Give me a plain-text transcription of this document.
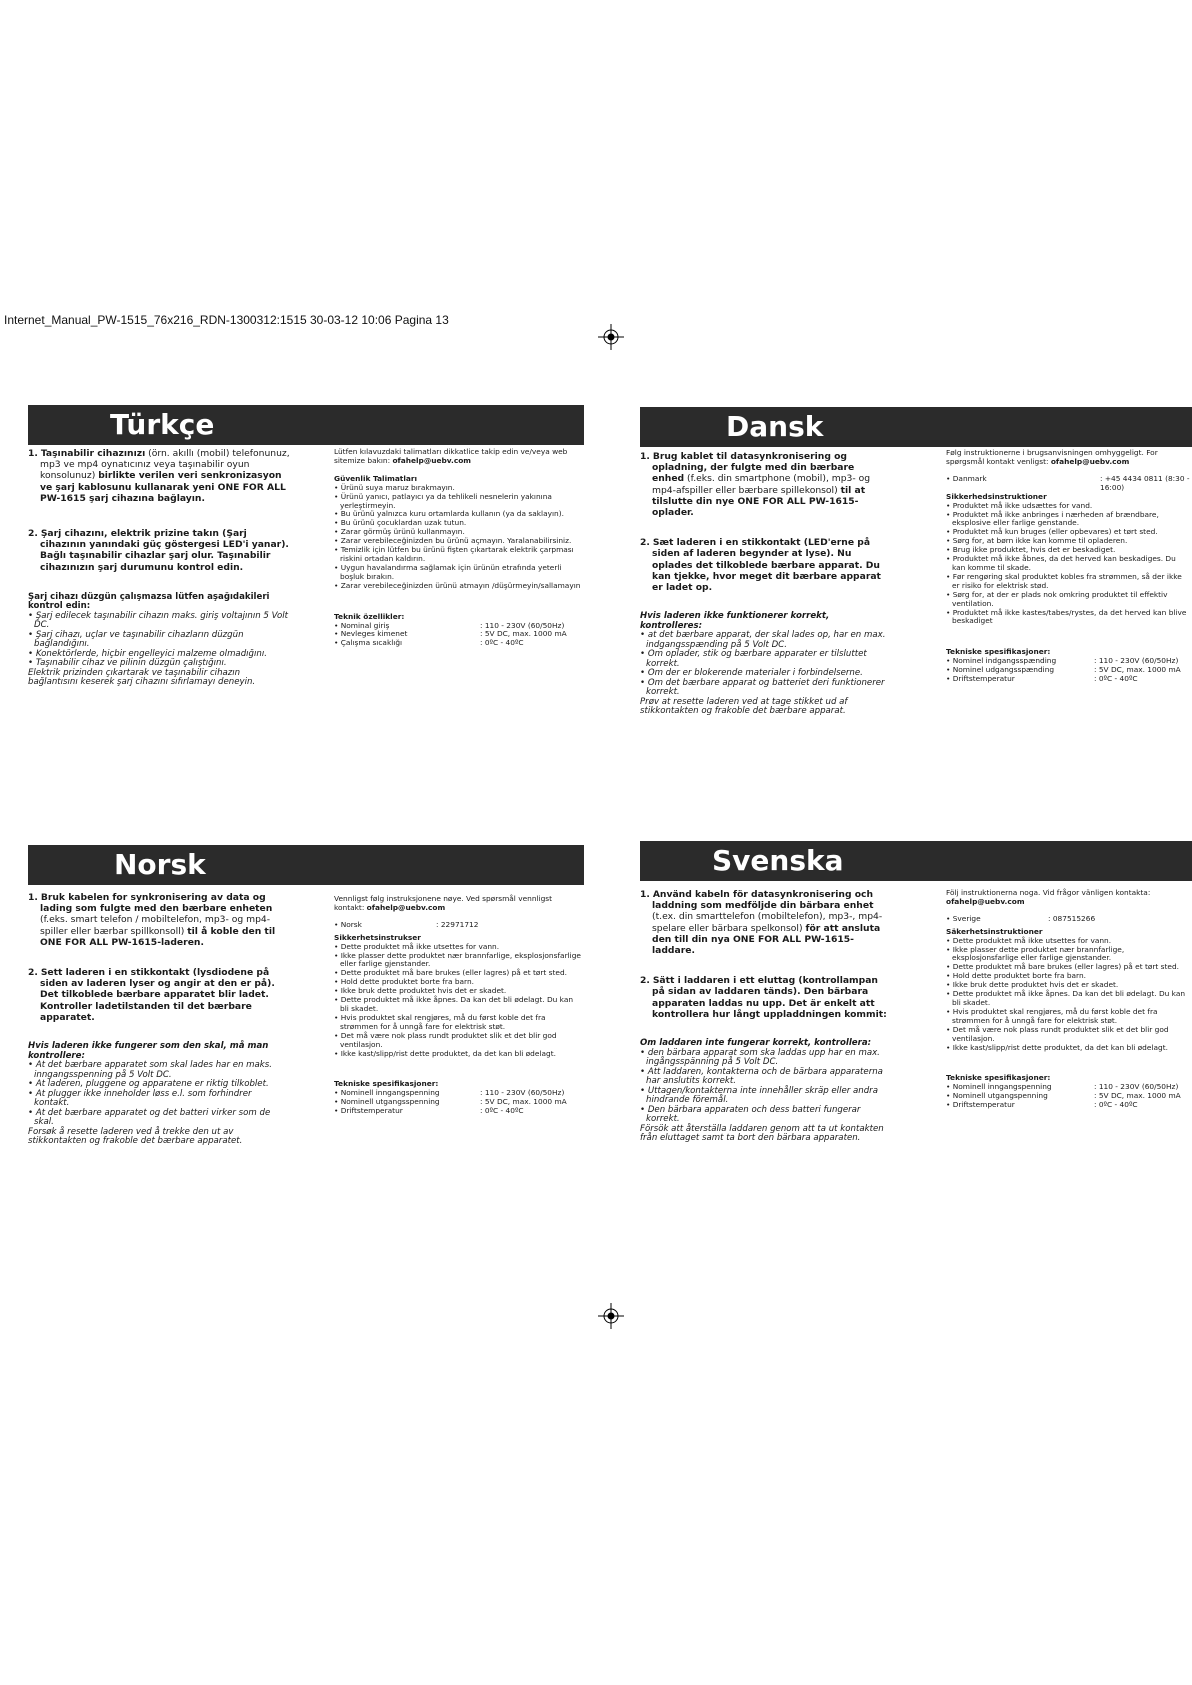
Internet_Manual_PW-1515_76x216_RDN-1300312:1515 30-03-12 10:06 Pagina 13
Türkçe

1. Taşınabilir cihazınızı (örn. akıllı (mobil) telefonunuz, mp3 ve mp4 oynatıcınız veya taşınabilir oyun konsolunuz) birlikte verilen veri senkronizasyon ve şarj kablosunu kullanarak yeni ONE FOR ALL PW-1615 şarj cihazına bağlayın.

2. Şarj cihazını, elektrik prizine takın (Şarj cihazının yanındaki güç göstergesi LED'i yanar). Bağlı taşınabilir cihazlar şarj olur. Taşınabilir cihazınızın şarj durumunu kontrol edin.

Şarj cihazı düzgün çalışmazsa lütfen aşağıdakileri kontrol edin:
• Şarj edilecek taşınabilir cihazın maks. giriş voltajının 5 Volt DC.
• Şarj cihazı, uçlar ve taşınabilir cihazların düzgün bağlandığını.
• Konektörlerde, hiçbir engelleyici malzeme olmadığını.
• Taşınabilir cihaz ve pilinin düzgün çalıştığını.
Elektrik prizinden çıkartarak ve taşınabilir cihazın bağlantısını keserek şarj cihazını sıfırlamayı deneyin.

Lütfen kılavuzdaki talimatları dikkatlice takip edin ve/veya web sitemize bakın: ofahelp@uebv.com

Güvenlik Talimatları

• Ürünü suya maruz bırakmayın.
• Ürünü yanıcı, patlayıcı ya da tehlikeli nesnelerin yakınına yerleştirmeyin.
• Bu ürünü yalnızca kuru ortamlarda kullanın (ya da saklayın).
• Bu ürünü çocuklardan uzak tutun.
• Zarar görmüş ürünü kullanmayın.
• Zarar verebileceğinizden bu ürünü açmayın. Yaralanabilirsiniz.
• Temizlik için lütfen bu ürünü fişten çıkartarak elektrik çarpması riskini ortadan kaldırın.
• Uygun havalandırma sağlamak için ürünün etrafında yeterli boşluk bırakın.
• Zarar verebileceğinizden ürünü atmayın /düşürmeyin/sallamayın

Teknik özellikler:

• Nominal giriş	: 110 - 230V (60/50Hz)
• Nevleges kimenet	: 5V DC, max. 1000 mA
• Çalışma sıcaklığı	: 0ºC - 40ºC
Dansk

1. Brug kablet til datasynkronisering og opladning, der fulgte med din bærbare enhed (f.eks. din smartphone (mobil), mp3- og mp4-afspiller eller bærbare spillekonsol) til at tilslutte din nye ONE FOR ALL PW-1615-oplader.

2. Sæt laderen i en stikkontakt (LED'erne på siden af laderen begynder at lyse). Nu oplades det tilkoblede bærbare apparat. Du kan tjekke, hvor meget dit bærbare apparat er ladet op.

Hvis laderen ikke funktionerer korrekt, kontrolleres:
• at det bærbare apparat, der skal lades op, har en max. indgangsspænding på 5 Volt DC.
• Om oplader, stik og bærbare apparater er tilsluttet korrekt.
• Om der er blokerende materialer i forbindelserne.
• Om det bærbare apparat og batteriet deri funktionerer korrekt.
Prøv at resette laderen ved at tage stikket ud af stikkontakten og frakoble det bærbare apparat.

Følg instruktionerne i brugsanvisningen omhyggeligt. For spørgsmål kontakt venligst: ofahelp@uebv.com

• Danmark	: +45 4434 0811 (8:30 - 16:00)

Sikkerhedsinstruktioner

• Produktet må ikke udsættes for vand.
• Produktet må ikke anbringes i nærheden af brændbare, eksplosive eller farlige genstande.
• Produktet må kun bruges (eller opbevares) et tørt sted.
• Sørg for, at børn ikke kan komme til opladeren.
• Brug ikke produktet, hvis det er beskadiget.
• Produktet må ikke åbnes, da det herved kan beskadiges. Du kan komme til skade.
• Før rengøring skal produktet kobles fra strømmen, så der ikke er risiko for elektrisk stød.
• Sørg for, at der er plads nok omkring produktet til effektiv ventilation.
• Produktet må ikke kastes/tabes/rystes, da det herved kan blive beskadiget

Tekniske spesifikasjoner:

• Nominel indgangsspænding	: 110 - 230V (60/50Hz)
• Nominel udgangsspænding	: 5V DC, max. 1000 mA
• Driftstemperatur	: 0ºC - 40ºC
Norsk

1. Bruk kabelen for synkronisering av data og lading som fulgte med den bærbare enheten (f.eks. smart telefon / mobiltelefon, mp3- og mp4-spiller eller bærbar spillkonsoll) til å koble den til ONE FOR ALL PW-1615-laderen.

2. Sett laderen i en stikkontakt (lysdiodene på siden av laderen lyser og angir at den er på). Det tilkoblede bærbare apparatet blir ladet. Kontroller ladetilstanden til det bærbare apparatet.

Hvis laderen ikke fungerer som den skal, må man kontrollere:
• At det bærbare apparatet som skal lades har en maks. inngangsspenning på 5 Volt DC.
• At laderen, pluggene og apparatene er riktig tilkoblet.
• At plugger ikke inneholder løss e.l. som forhindrer kontakt.
• At det bærbare apparatet og det batteri virker som de skal.
Forsøk å resette laderen ved å trekke den ut av stikkontakten og frakoble det bærbare apparatet.

Vennligst følg instruksjonene nøye. Ved spørsmål vennligst kontakt: ofahelp@uebv.com

• Norsk	: 22971712

Sikkerhetsinstrukser

• Dette produktet må ikke utsettes for vann.
• Ikke plasser dette produktet nær brannfarlige, eksplosjonsfarlige eller farlige gjenstander.
• Dette produktet må bare brukes (eller lagres) på et tørt sted.
• Hold dette produktet borte fra barn.
• Ikke bruk dette produktet hvis det er skadet.
• Dette produktet må ikke åpnes. Da kan det bli ødelagt. Du kan bli skadet.
• Hvis produktet skal rengjøres, må du først koble det fra strømmen for å unngå fare for elektrisk støt.
• Det må være nok plass rundt produktet slik et det blir god ventilasjon.
• Ikke kast/slipp/rist dette produktet, da det kan bli ødelagt.

Tekniske spesifikasjoner:

• Nominell inngangspenning	: 110 - 230V (60/50Hz)
• Nominell utgangsspenning	: 5V DC, max. 1000 mA
• Driftstemperatur	: 0ºC - 40ºC
Svenska

1. Använd kabeln för datasynkronisering och laddning som medföljde din bärbara enhet (t.ex. din smarttelefon (mobiltelefon), mp3-, mp4-spelare eller bärbara spelkonsol) för att ansluta den till din nya ONE FOR ALL PW-1615-laddare.

2. Sätt i laddaren i ett eluttag (kontrollampan på sidan av laddaren tänds). Den bärbara apparaten laddas nu upp. Det är enkelt att kontrollera hur långt uppladdningen kommit:

Om laddaren inte fungerar korrekt, kontrollera:
• den bärbara apparat som ska laddas upp har en max. ingångsspänning på 5 Volt DC.
• Att laddaren, kontakterna och de bärbara apparaterna har anslutits korrekt.
• Uttagen/kontakterna inte innehåller skräp eller andra hindrande föremål.
• Den bärbara apparaten och dess batteri fungerar korrekt.
Försök att återställa laddaren genom att ta ut kontakten från eluttaget samt ta bort den bärbara apparaten.

Följ instruktionerna noga. Vid frågor vänligen kontakta: ofahelp@uebv.com

• Sverige	: 087515266

Säkerhetsinstruktioner

• Dette produktet må ikke utsettes for vann.
• Ikke plasser dette produktet nær brannfarlige, eksplosjonsfarlige eller farlige gjenstander.
• Dette produktet må bare brukes (eller lagres) på et tørt sted.
• Hold dette produktet borte fra barn.
• Ikke bruk dette produktet hvis det er skadet.
• Dette produktet må ikke åpnes. Da kan det bli ødelagt. Du kan bli skadet.
• Hvis produktet skal rengjøres, må du først koble det fra strømmen for å unngå fare for elektrisk støt.
• Det må være nok plass rundt produktet slik et det blir god ventilasjon.
• Ikke kast/slipp/rist dette produktet, da det kan bli ødelagt.

Tekniske spesifikasjoner:

• Nominell inngangspenning	: 110 - 230V (60/50Hz)
• Nominell utgangspenning	: 5V DC, max. 1000 mA
• Driftstemperatur	: 0ºC - 40ºC
